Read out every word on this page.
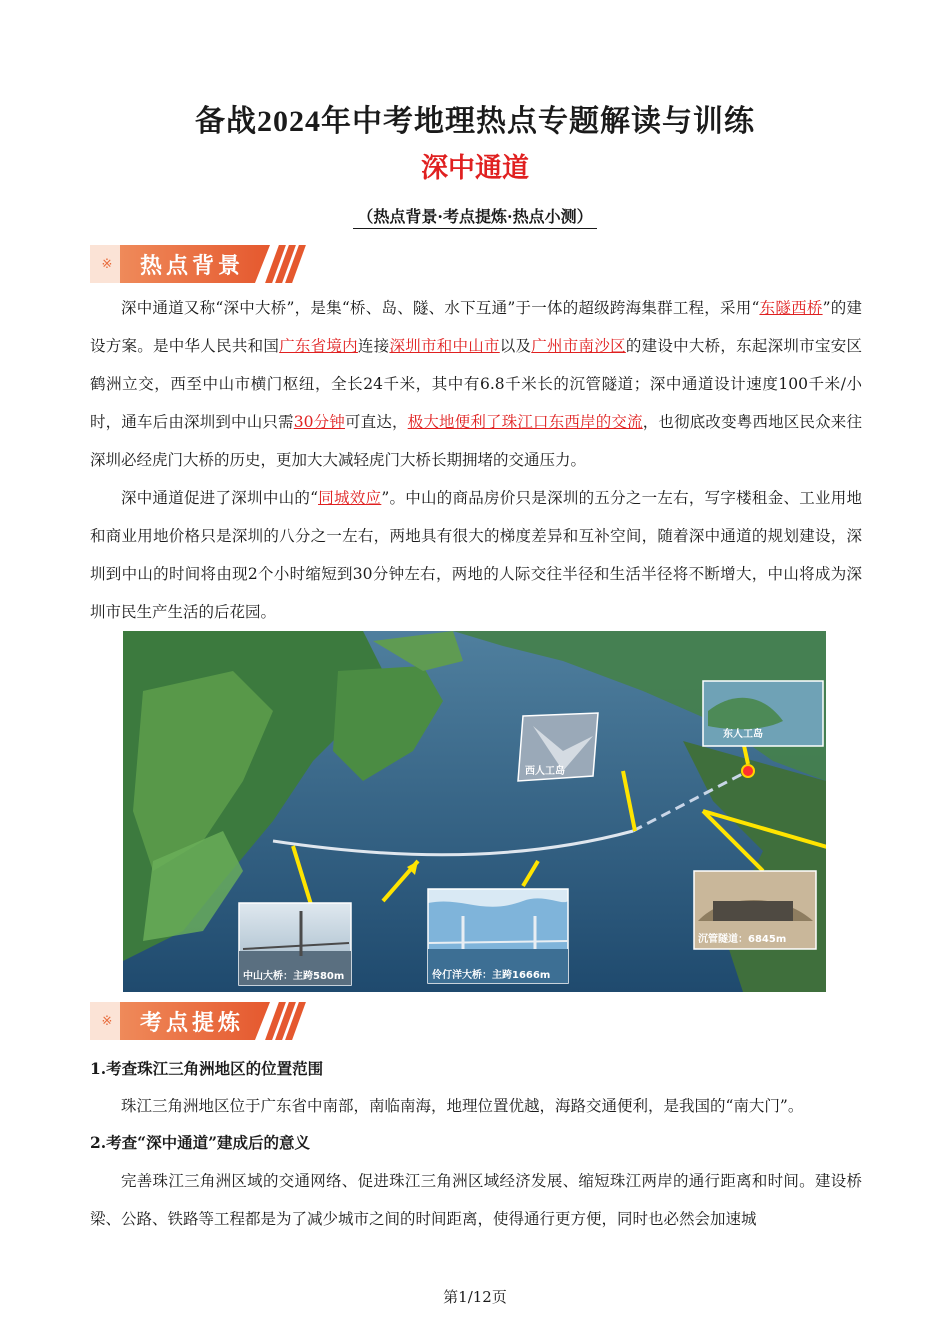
备战2024年中考地理热点专题解读与训练
深中通道
（热点背景·考点提炼·热点小测）
※ 热点背景
深中通道又称“深中大桥”，是集“桥、岛、隧、水下互通”于一体的超级跨海集群工程，采用“东隧西桥”的建设方案。是中华人民共和国广东省境内连接深圳市和中山市以及广州市南沙区的建设中大桥，东起深圳市宝安区鹤洲立交，西至中山市横门枢纽，全长24千米，其中有6.8千米长的沉管隧道；深中通道设计速度100千米/小时，通车后由深圳到中山只需30分钟可直达，极大地便利了珠江口东西岸的交流，也彻底改变粤西地区民众来往深圳必经虎门大桥的历史，更加大大减轻虎门大桥长期拥堵的交通压力。
深中通道促进了深圳中山的“同城效应”。中山的商品房价只是深圳的五分之一左右，写字楼租金、工业用地和商业用地价格只是深圳的八分之一左右，两地具有很大的梯度差异和互补空间，随着深中通道的规划建设，深圳到中山的时间将由现2个小时缩短到30分钟左右，两地的人际交往半径和生活半径将不断增大，中山将成为深圳市民生产生活的后花园。
西人工岛
东人工岛
中山大桥：主跨580m	伶仃洋大桥：主跨1666m
沉管隧道：6845m
※ 考点提炼
1.考查珠江三角洲地区的位置范围
珠江三角洲地区位于广东省中南部，南临南海，地理位置优越，海路交通便利，是我国的“南大门”。
2.考查“深中通道”建成后的意义
完善珠江三角洲区域的交通网络、促进珠江三角洲区域经济发展、缩短珠江两岸的通行距离和时间。建设桥梁、公路、铁路等工程都是为了减少城市之间的时间距离，使得通行更方便，同时也必然会加速城
第1/12页
